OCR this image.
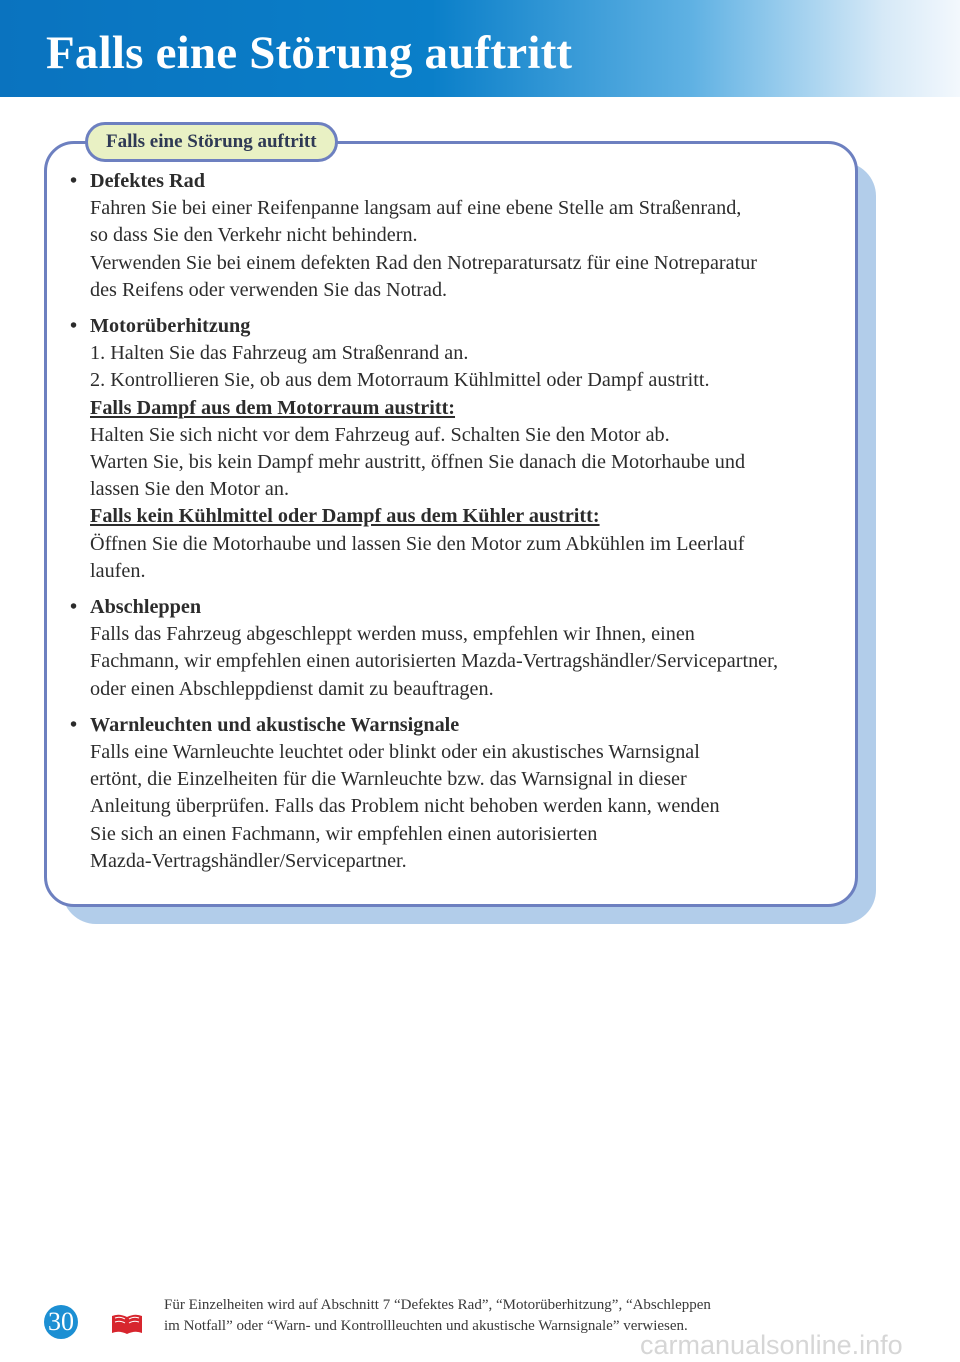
Falls eine Störung auftritt
Falls eine Störung auftritt
• Defektes Rad
Fahren Sie bei einer Reifenpanne langsam auf eine ebene Stelle am Straßenrand,
so dass Sie den Verkehr nicht behindern.
Verwenden Sie bei einem defekten Rad den Notreparatursatz für eine Notreparatur
des Reifens oder verwenden Sie das Notrad.
• Motorüberhitzung
1. Halten Sie das Fahrzeug am Straßenrand an.
2. Kontrollieren Sie, ob aus dem Motorraum Kühlmittel oder Dampf austritt.
Falls Dampf aus dem Motorraum austritt:
Halten Sie sich nicht vor dem Fahrzeug auf. Schalten Sie den Motor ab.
Warten Sie, bis kein Dampf mehr austritt, öffnen Sie danach die Motorhaube und
lassen Sie den Motor an.
Falls kein Kühlmittel oder Dampf aus dem Kühler austritt:
Öffnen Sie die Motorhaube und lassen Sie den Motor zum Abkühlen im Leerlauf
laufen.
• Abschleppen
Falls das Fahrzeug abgeschleppt werden muss, empfehlen wir Ihnen, einen
Fachmann, wir empfehlen einen autorisierten Mazda-Vertragshändler/Servicepartner,
oder einen Abschleppdienst damit zu beauftragen.
• Warnleuchten und akustische Warnsignale
Falls eine Warnleuchte leuchtet oder blinkt oder ein akustisches Warnsignal
ertönt, die Einzelheiten für die Warnleuchte bzw. das Warnsignal in dieser
Anleitung überprüfen. Falls das Problem nicht behoben werden kann, wenden
Sie sich an einen Fachmann, wir empfehlen einen autorisierten
Mazda-Vertragshändler/Servicepartner.
30
Für Einzelheiten wird auf Abschnitt 7 “Defektes Rad”, “Motorüberhitzung”, “Abschleppen
im Notfall” oder “Warn- und Kontrollleuchten und akustische Warnsignale” verwiesen.
carmanualsonline.info
